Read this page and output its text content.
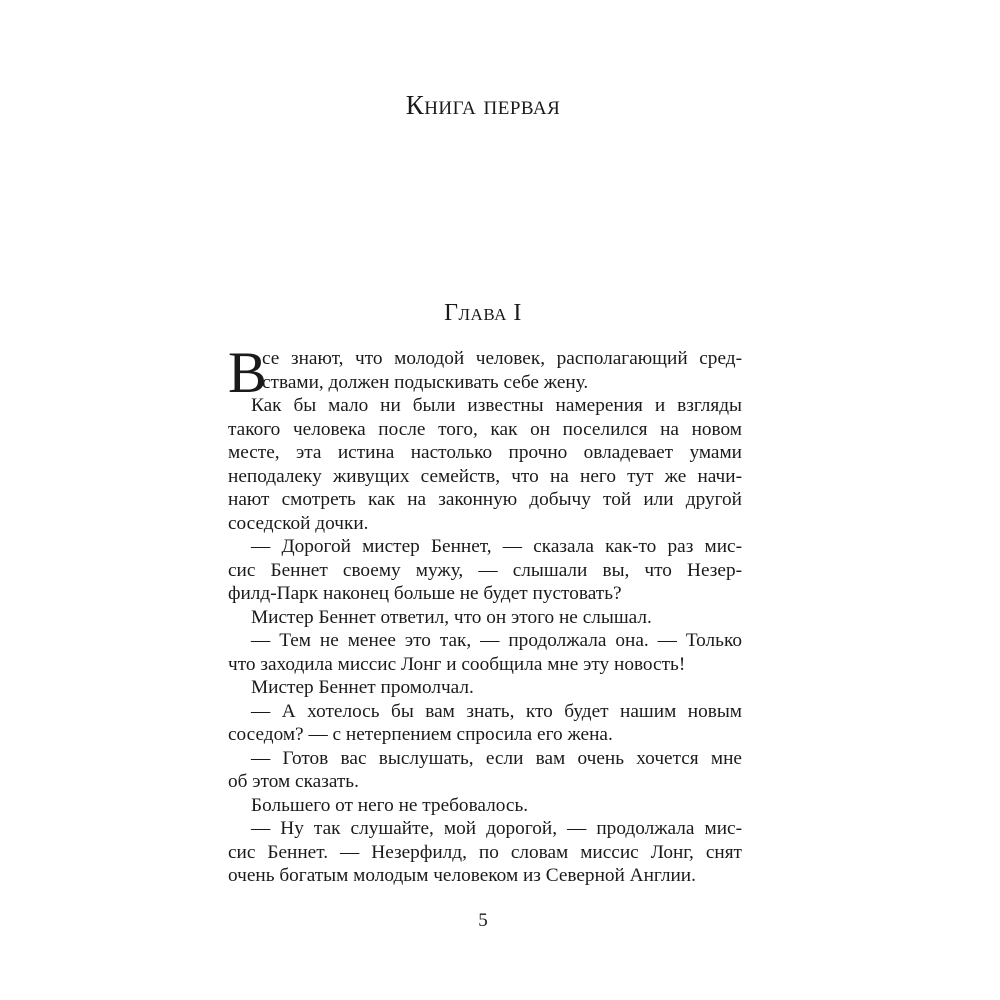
Книга первая
Глава I
В
се знают, что молодой человек, располагающий сред-
ствами, должен подыскивать себе жену.
Как бы мало ни были известны намерения и взгляды
такого человека после того, как он поселился на новом
месте, эта истина настолько прочно овладевает умами
неподалеку живущих семейств, что на него тут же начи-
нают смотреть как на законную добычу той или другой
соседской дочки.
— Дорогой мистер Беннет, — сказала как-то раз мис-
сис Беннет своему мужу, — слышали вы, что Незер-
филд-Парк наконец больше не будет пустовать?
Мистер Беннет ответил, что он этого не слышал.
— Тем не менее это так, — продолжала она. — Только
что заходила миссис Лонг и сообщила мне эту новость!
Мистер Беннет промолчал.
— А хотелось бы вам знать, кто будет нашим новым
соседом? — с нетерпением спросила его жена.
— Готов вас выслушать, если вам очень хочется мне
об этом сказать.
Большего от него не требовалось.
— Ну так слушайте, мой дорогой, — продолжала мис-
сис Беннет. — Незерфилд, по словам миссис Лонг, снят
очень богатым молодым человеком из Северной Англии.
5
